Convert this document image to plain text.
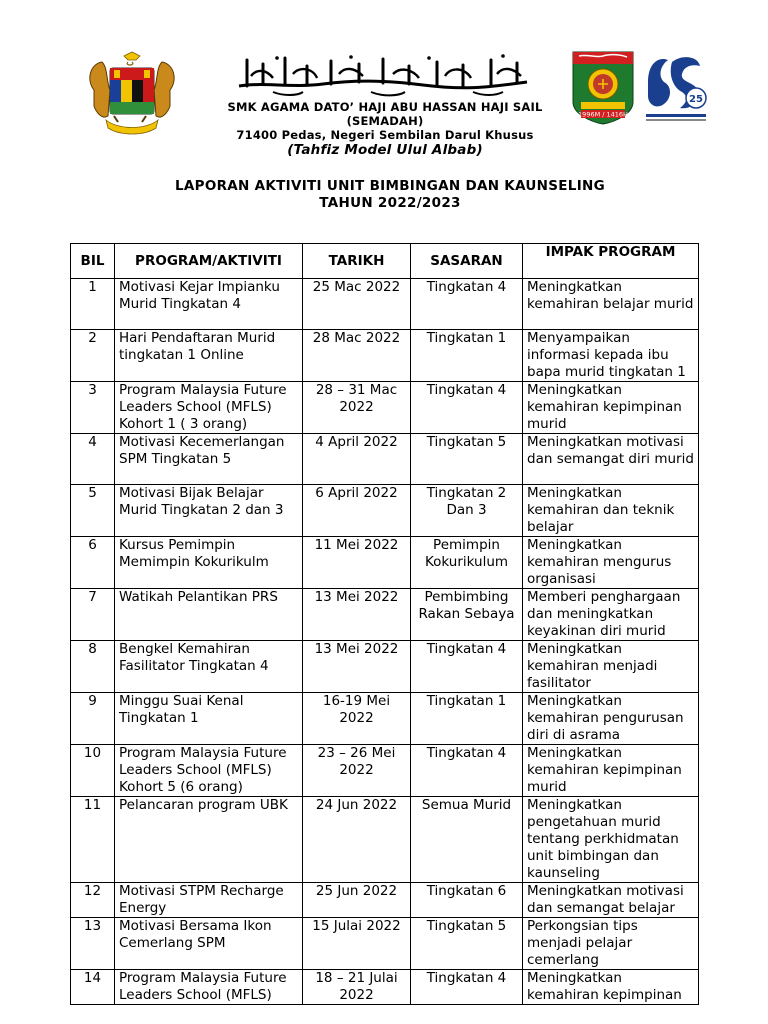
SMK AGAMA DATO’ HAJI ABU HASSAN HAJI SAIL
(SEMADAH)
71400 Pedas, Negeri Sembilan Darul Khusus
(Tahfiz Model Ulul Albab)
1996M / 1416H
25
LAPORAN AKTIVITI UNIT BIMBINGAN DAN KAUNSELING
TAHUN 2022/2023
BIL	PROGRAM/AKTIVITI	TARIKH	SASARAN	IMPAK PROGRAM
1	Motivasi Kejar Impianku Murid Tingkatan 4	25 Mac 2022	Tingkatan 4	Meningkatkan kemahiran belajar murid
2	Hari Pendaftaran Murid tingkatan 1 Online	28 Mac 2022	Tingkatan 1	Menyampaikan informasi kepada ibu bapa murid tingkatan 1
3	Program Malaysia Future Leaders School (MFLS) Kohort 1 ( 3 orang)	28 – 31 Mac 2022	Tingkatan 4	Meningkatkan kemahiran kepimpinan murid
4	Motivasi Kecemerlangan SPM Tingkatan 5	4 April 2022	Tingkatan 5	Meningkatkan motivasi dan semangat diri murid
5	Motivasi Bijak Belajar Murid Tingkatan 2 dan 3	6 April 2022	Tingkatan 2 Dan 3	Meningkatkan kemahiran dan teknik belajar
6	Kursus Pemimpin Memimpin Kokurikulm	11 Mei 2022	Pemimpin Kokurikulum	Meningkatkan kemahiran mengurus organisasi
7	Watikah Pelantikan PRS	13 Mei 2022	Pembimbing Rakan Sebaya	Memberi penghargaan dan meningkatkan keyakinan diri murid
8	Bengkel Kemahiran Fasilitator Tingkatan 4	13 Mei 2022	Tingkatan 4	Meningkatkan kemahiran menjadi fasilitator
9	Minggu Suai Kenal Tingkatan 1	16-19 Mei 2022	Tingkatan 1	Meningkatkan kemahiran pengurusan diri di asrama
10	Program Malaysia Future Leaders School (MFLS) Kohort 5 (6 orang)	23 – 26 Mei 2022	Tingkatan 4	Meningkatkan kemahiran kepimpinan murid
11	Pelancaran program UBK	24 Jun 2022	Semua Murid	Meningkatkan pengetahuan murid tentang perkhidmatan unit bimbingan dan kaunseling
12	Motivasi STPM Recharge Energy	25 Jun 2022	Tingkatan 6	Meningkatkan motivasi dan semangat belajar
13	Motivasi Bersama Ikon Cemerlang SPM	15 Julai 2022	Tingkatan 5	Perkongsian tips menjadi pelajar cemerlang
14	Program Malaysia Future Leaders School (MFLS)	18 – 21 Julai 2022	Tingkatan 4	Meningkatkan kemahiran kepimpinan
